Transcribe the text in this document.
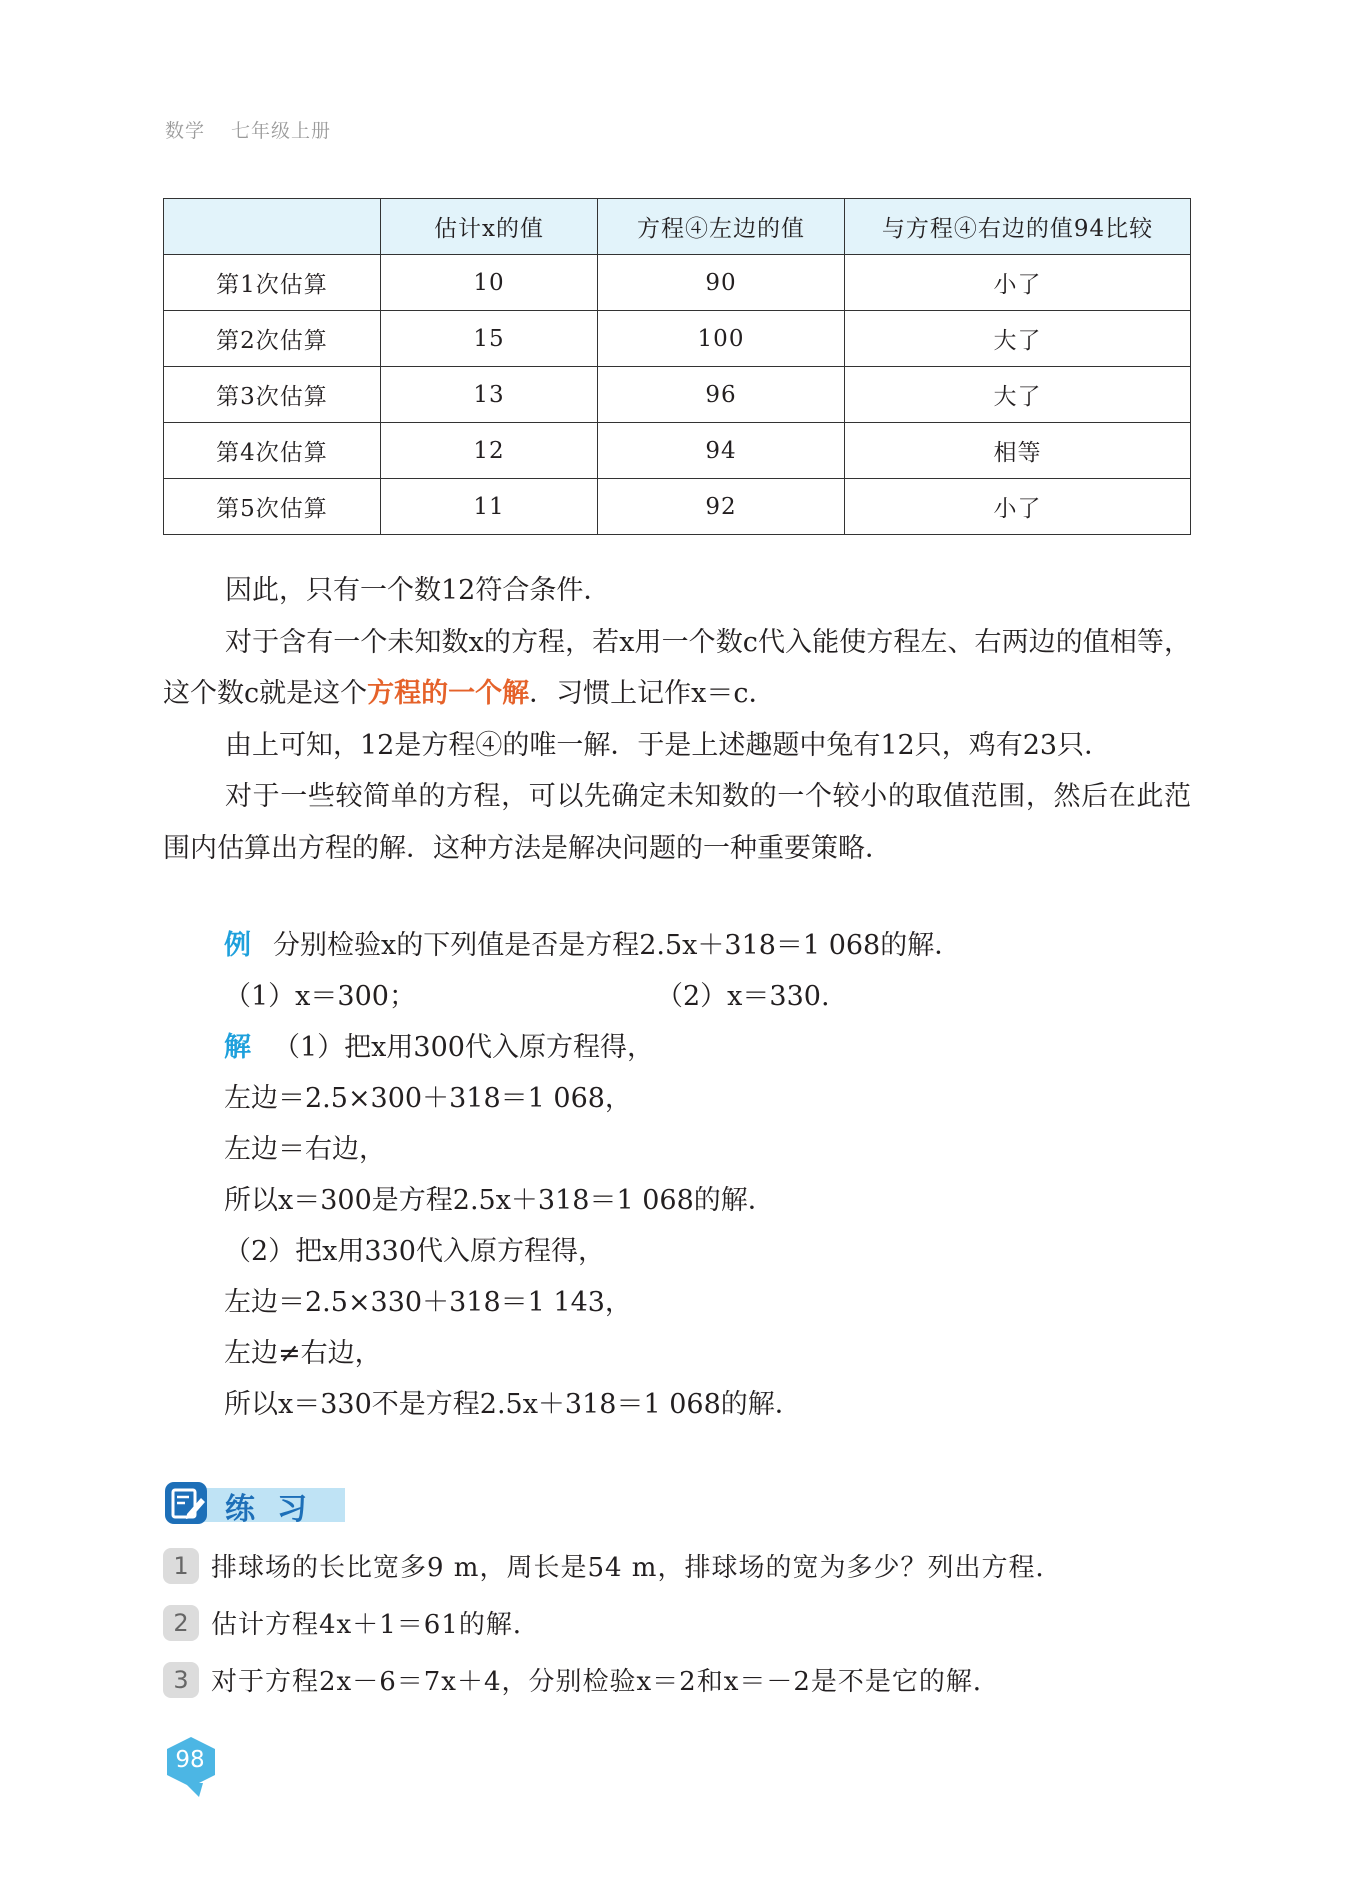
数学 七年级上册
	估计x的值	方程④左边的值	与方程④右边的值94比较
第1次估算	10	90	小了
第2次估算	15	100	大了
第3次估算	13	96	大了
第4次估算	12	94	相等
第5次估算	11	92	小了

因此，只有一个数12符合条件．

对于含有一个未知数x的方程，若x用一个数c代入能使方程左、右两边的值相等，这个数c就是这个方程的一个解．习惯上记作x＝c．

由上可知，12是方程④的唯一解．于是上述趣题中兔有12只，鸡有23只．

对于一些较简单的方程，可以先确定未知数的一个较小的取值范围，然后在此范围内估算出方程的解．这种方法是解决问题的一种重要策略．

例 分别检验x的下列值是否是方程2.5x＋318＝1 068的解．
（1）x＝300；	（2）x＝330.
解 （1）把x用300代入原方程得，
左边＝2.5×300＋318＝1 068，
左边＝右边，
所以x＝300是方程2.5x＋318＝1 068的解．
（2）把x用330代入原方程得，
左边＝2.5×330＋318＝1 143，
左边≠右边，
所以x＝330不是方程2.5x＋318＝1 068的解．
练习
1 排球场的长比宽多9 m，周长是54 m，排球场的宽为多少？列出方程．
2 估计方程4x＋1＝61的解．
3 对于方程2x－6＝7x＋4，分别检验x＝2和x＝－2是不是它的解．
98
